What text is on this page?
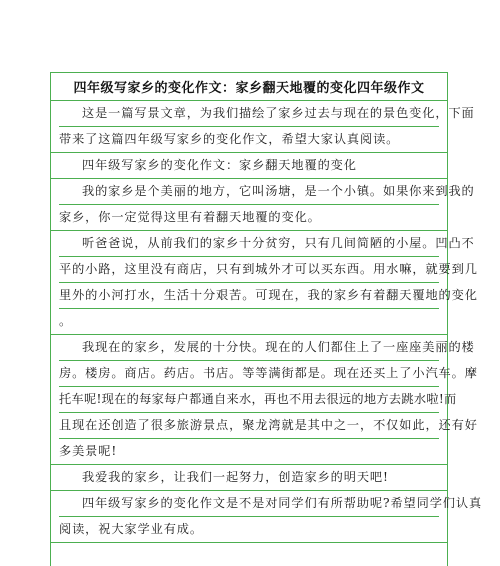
四年级写家乡的变化作文：家乡翻天地覆的变化四年级作文
这是一篇写景文章，为我们描绘了家乡过去与现在的景色变化，下面
带来了这篇四年级写家乡的变化作文，希望大家认真阅读。
四年级写家乡的变化作文：家乡翻天地覆的变化
我的家乡是个美丽的地方，它叫汤塘，是一个小镇。如果你来到我的
家乡，你一定觉得这里有着翻天地覆的变化。
听爸爸说，从前我们的家乡十分贫穷，只有几间简陋的小屋。凹凸不
平的小路，这里没有商店，只有到城外才可以买东西。用水嘛，就要到几
里外的小河打水，生活十分艰苦。可现在，我的家乡有着翻天覆地的变化
。
我现在的家乡，发展的十分快。现在的人们都住上了一座座美丽的楼
房。楼房。商店。药店。书店。等等满街都是。现在还买上了小汽车。摩
托车呢!现在的每家每户都通自来水，再也不用去很远的地方去跳水啦!而
且现在还创造了很多旅游景点，聚龙湾就是其中之一，不仅如此，还有好
多美景呢!
我爱我的家乡，让我们一起努力，创造家乡的明天吧!
四年级写家乡的变化作文是不是对同学们有所帮助呢?希望同学们认真
阅读，祝大家学业有成。
